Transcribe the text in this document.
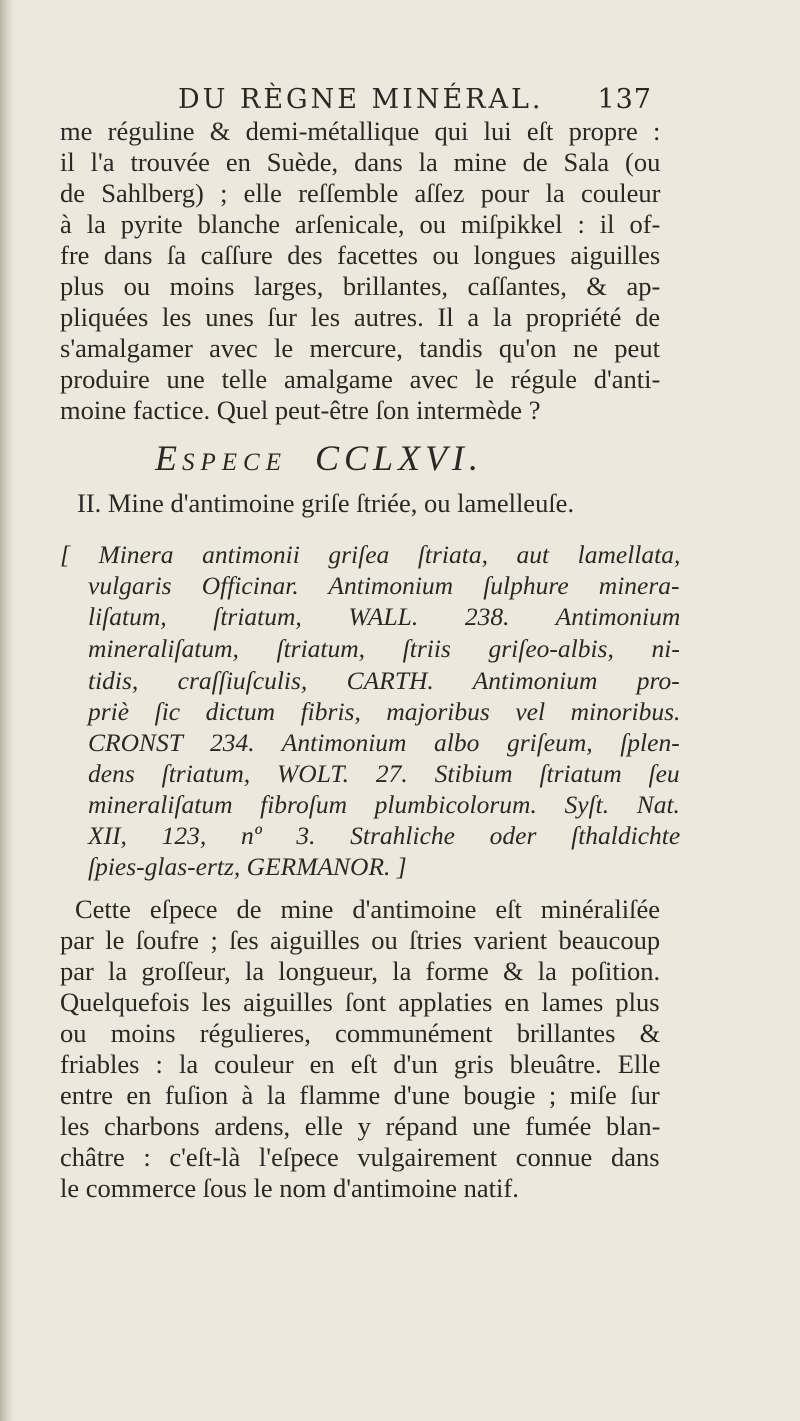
DU RÈGNE MINÉRAL. 137
me réguline & demi-métallique qui lui eſt propre :
il l'a trouvée en Suède, dans la mine de Sala (ou
de Sahlberg) ; elle reſſemble aſſez pour la couleur
à la pyrite blanche arſenicale, ou miſpikkel : il of-
fre dans ſa caſſure des facettes ou longues aiguilles
plus ou moins larges, brillantes, caſſantes, & ap-
pliquées les unes ſur les autres. Il a la propriété de
s'amalgamer avec le mercure, tandis qu'on ne peut
produire une telle amalgame avec le régule d'anti-
moine factice. Quel peut-être ſon intermède ?
ESPECE CCLXVI.
II. Mine d'antimoine griſe ſtriée, ou lamelleuſe.
[ Minera antimonii griſea ſtriata, aut lamellata,
vulgaris Officinar. Antimonium ſulphure minera-
liſatum, ſtriatum, WALL. 238. Antimonium
mineraliſatum, ſtriatum, ſtriis griſeo-albis, ni-
tidis, craſſiuſculis, CARTH. Antimonium pro-
priè ſic dictum fibris, majoribus vel minoribus.
CRONST 234. Antimonium albo griſeum, ſplen-
dens ſtriatum, WOLT. 27. Stibium ſtriatum ſeu
mineraliſatum fibroſum plumbicolorum. Syſt. Nat.
XII, 123, nº 3. Strahliche oder ſthaldichte
ſpies-glas-ertz, GERMANOR. ]
Cette eſpece de mine d'antimoine eſt minéraliſée
par le ſoufre ; ſes aiguilles ou ſtries varient beaucoup
par la groſſeur, la longueur, la forme & la poſition.
Quelquefois les aiguilles ſont applaties en lames plus
ou moins régulieres, communément brillantes &
friables : la couleur en eſt d'un gris bleuâtre. Elle
entre en fuſion à la flamme d'une bougie ; miſe ſur
les charbons ardens, elle y répand une fumée blan-
châtre : c'eſt-là l'eſpece vulgairement connue dans
le commerce ſous le nom d'antimoine natif.
